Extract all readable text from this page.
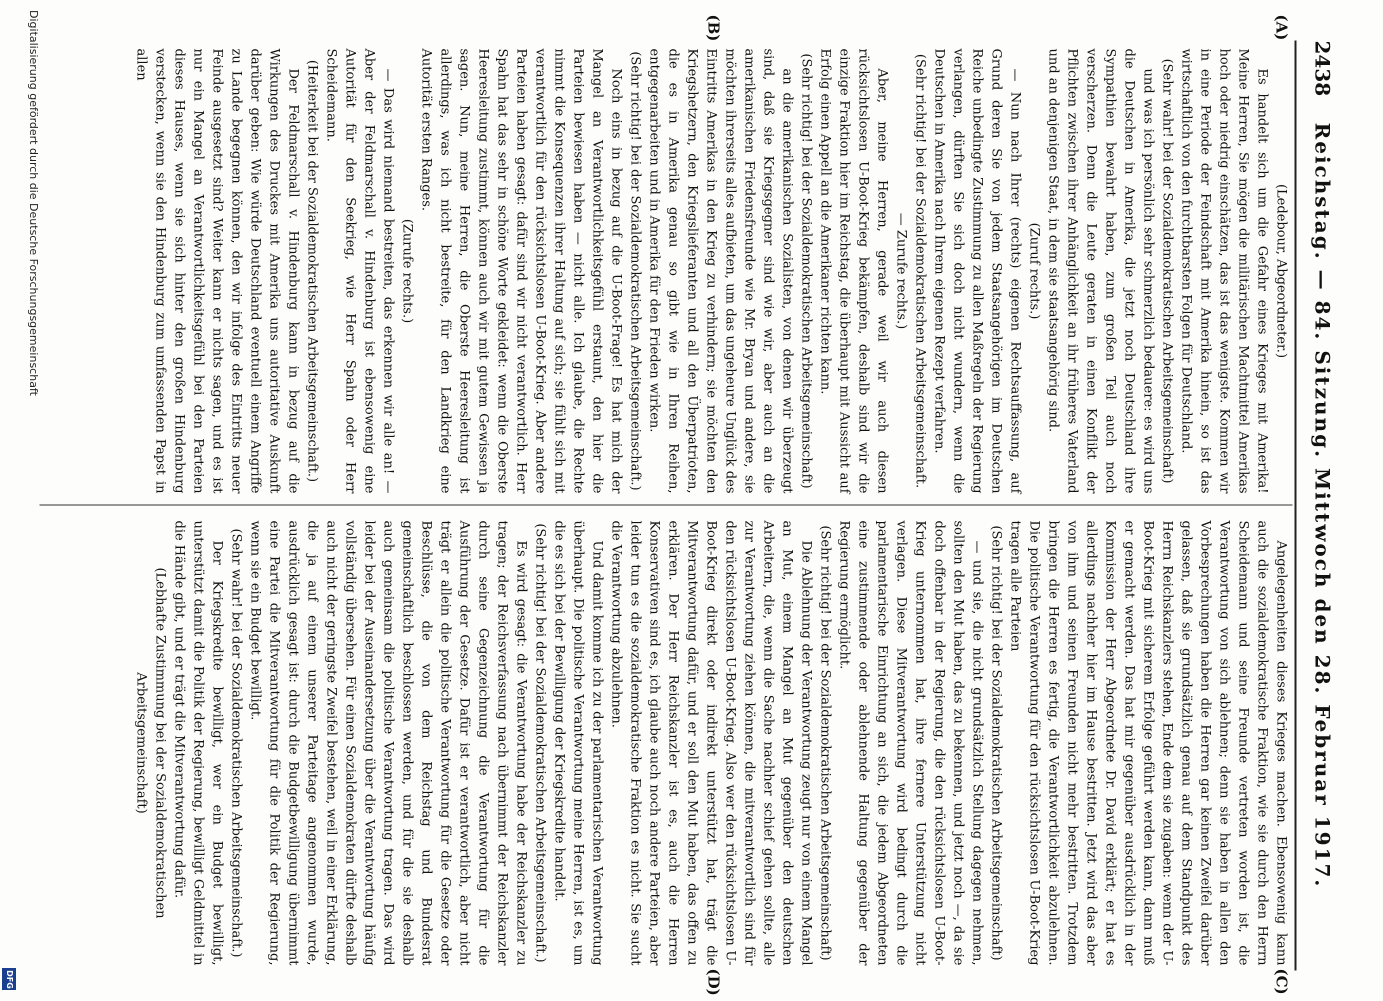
2438
Reichstag. — 84. Sitzung. Mittwoch den 28. Februar 1917.
(A)
(B)
(C)
(D)

(Ledebour, Abgeordneter.)

Es handelt sich um die Gefahr eines Krieges mit Amerika! Meine Herren, Sie mögen die militärischen Machtmittel Amerikas hoch oder niedrig einschätzen, das ist das wenigste. Kommen wir in eine Periode der Feindschaft mit Amerika hinein, so ist das wirtschaftlich von den furchtbarsten Folgen für Deutschland.

(Sehr wahr! bei der Sozialdemokratischen Arbeitsgemeinschaft)

und was ich persönlich sehr schmerzlich bedauere: es wird uns die Deutschen in Amerika, die jetzt noch Deutschland ihre Sympathien bewahrt haben, zum großen Teil auch noch verscherzen. Denn die Leute geraten in einen Konflikt der Pflichten zwischen ihrer Anhänglichkeit an ihr früheres Vaterland und an denjenigen Staat, in dem sie staatsangehörig sind.

(Zuruf rechts.)

— Nun nach Ihrer (rechts) eigenen Rechtsauffassung, auf Grund deren Sie von jedem Staatsangehörigen im Deutschen Reiche unbedingte Zustimmung zu allen Maßregeln der Regierung verlangen, dürften Sie sich doch nicht wundern, wenn die Deutschen in Amerika nach Ihrem eigenen Rezept verfahren.

(Sehr richtig! bei der Sozialdemokratischen Arbeitsgemeinschaft. — Zurufe rechts.)

Aber, meine Herren, gerade weil wir auch diesen rücksichtslosen U-Boot-Krieg bekämpfen, deshalb sind wir die einzige Fraktion hier im Reichstag, die überhaupt mit Aussicht auf Erfolg einen Appell an die Amerikaner richten kann.

(Sehr richtig! bei der Sozialdemokratischen Arbeitsgemeinschaft)

an die amerikanischen Sozialisten, von denen wir überzeugt sind, daß sie Kriegsgegner sind wie wir, aber auch an die amerikanischen Friedensfreunde wie Mr. Bryan und andere, sie möchten ihrerseits alles aufbieten, um das ungeheure Unglück des Eintritts Amerikas in den Krieg zu verhindern; sie möchten den Kriegshetzern, den Kriegslieferanten und all den Überpatrioten, die es in Amerika genau so gibt wie in Ihren Reihen, entgegenarbeiten und in Amerika für den Frieden wirken.

(Sehr richtig! bei der Sozialdemokratischen Arbeitsgemeinschaft.)

Noch eins in bezug auf die U-Boot-Frage! Es hat mich der Mangel an Verantwortlichkeitsgefühl erstaunt, den hier die Parteien bewiesen haben — nicht alle. Ich glaube, die Rechte nimmt die Konsequenzen ihrer Haltung auf sich; sie fühlt sich mit verantwortlich für den rücksichtslosen U-Boot-Krieg. Aber andere Parteien haben gesagt: dafür sind wir nicht verantwortlich. Herr Spahn hat das sehr in schöne Worte gekleidet: wenn die Oberste Heeresleitung zustimmt, können auch wir mit gutem Gewissen ja sagen. Nun, meine Herren, die Oberste Heeresleitung ist allerdings, was ich nicht bestreite, für den Landkrieg eine Autorität ersten Ranges.

(Zurufe rechts.)

— Das wird niemand bestreiten, das erkennen wir alle an! — Aber der Feldmarschall v. Hindenburg ist ebensowenig eine Autorität für den Seekrieg, wie Herr Spahn oder Herr Scheidemann.

(Heiterkeit bei der Sozialdemokratischen Arbeitsgemeinschaft.)

Der Feldmarschall v. Hindenburg kann in bezug auf die Wirkungen des Druckes mit Amerika uns autoritative Auskunft darüber geben: Wie würde Deutschland eventuell einem Angriffe zu Lande begegnen können, den wir infolge des Eintritts neuer Feinde ausgesetzt sind? Weiter kann er nichts sagen, und es ist nur ein Mangel an Verantwortlichkeitsgefühl bei den Parteien dieses Hauses, wenn sie sich hinter den großen Hindenburg verstecken, wenn sie den Hindenburg zum umfassenden Papst in allen

Angelegenheiten dieses Krieges machen. Ebensowenig kann auch die sozialdemokratische Fraktion, wie sie durch den Herrn Scheidemann und seine Freunde vertreten worden ist, die Verantwortung von sich ablehnen; denn sie haben in allen den Vorbesprechungen haben die Herren gar keinen Zweifel darüber gelassen, daß sie grundsätzlich genau auf dem Standpunkt des Herrn Reichskanzlers stehen, Ende dem sie zugaben: wenn der U-Boot-Krieg mit sicherem Erfolge geführt werden kann, dann muß er gemacht werden. Das hat mir gegenüber ausdrücklich in der Kommission der Herr Abgeordnete Dr. David erklärt; er hat es allerdings nachher hier im Hause bestritten. Jetzt wird das aber von ihm und seinen Freunden nicht mehr bestritten. Trotzdem bringen die Herren es fertig, die Verantwortlichkeit abzulehnen. Die politische Verantwortung für den rücksichtslosen U-Boot-Krieg tragen alle Parteien

(Sehr richtig! bei der Sozialdemokratischen Arbeitsgemeinschaft)

— und sie, die nicht grundsätzlich Stellung dagegen nehmen, sollten den Mut haben, das zu bekennen, und jetzt noch —, da sie doch offenbar in der Regierung, die den rücksichtslosen U-Boot-Krieg unternommen hat, ihre fernere Unterstützung nicht verlagen. Diese Mitverantwortung wird bedingt durch die parlamentarische Einrichtung an sich, die jedem Abgeordneten eine zustimmende oder ablehnende Haltung gegenüber der Regierung ermöglicht.

(Sehr richtig! bei der Sozialdemokratischen Arbeitsgemeinschaft)

Die Ablehnung der Verantwortung zeugt nur von einem Mangel an Mut, einem Mangel an Mut gegenüber den deutschen Arbeitern, die, wenn die Sache nachher schief gehen sollte, alle zur Verantwortung ziehen können, die mitverantwortlich sind für den rücksichtslosen U-Boot-Krieg. Also wer den rücksichtslosen U-Boot-Krieg direkt oder indirekt unterstützt hat, trägt die Mitverantwortung dafür, und er soll den Mut haben, das offen zu erklären. Der Herr Reichskanzler ist es, auch die Herren Konservativen sind es, ich glaube auch noch andere Parteien, aber leider tun es die sozialdemokratische Fraktion es nicht. Sie sucht die Verantwortung abzulehnen.

Und damit komme ich zu der parlamentarischen Verantwortung überhaupt. Die politische Verantwortung meine Herren, ist es, um die es sich bei der Bewilligung der Kriegskredite handelt.

(Sehr richtig! bei der Sozialdemokratischen Arbeitsgemeinschaft.)

Es wird gesagt: die Verantwortung habe der Reichskanzler zu tragen; der Reichsverfassung nach übernimmt der Reichskanzler durch seine Gegenzeichnung die Verantwortung für die Ausführung der Gesetze. Dafür ist er verantwortlich, aber nicht trägt er allein die politische Verantwortung für die Gesetze oder Beschlüsse, die von dem Reichstag und Bundesrat gemeinschaftlich beschlossen werden, und für die sie deshalb auch gemeinsam die politische Verantwortung tragen. Das wird leider bei der Auseinandersetzung über die Verantwortung häufig vollständig übersehen. Für einen Sozialdemokraten dürfte deshalb auch nicht der geringste Zweifel bestehen, weil in einer Erklärung, die ja auf einem unserer Parteitage angenommen wurde, ausdrücklich gesagt ist: durch die Budgetbewilligung übernimmt eine Partei die Mitverantwortung für die Politik der Regierung, wenn sie ein Budget bewilligt.

(Sehr wahr! bei der Sozialdemokratischen Arbeitsgemeinschaft.)

Der Kriegskredite bewilligt, wer ein Budget bewilligt, unterstützt damit die Politik der Regierung, bewilligt Geldmittel in die Hände gibt, und er trägt die Mitverantwortung dafür.

(Lebhafte Zustimmung bei der Sozialdemokratischen Arbeitsgemeinschaft)

Digitalisierung gefördert durch die Deutsche Forschungsgemeinschaft
DFG
